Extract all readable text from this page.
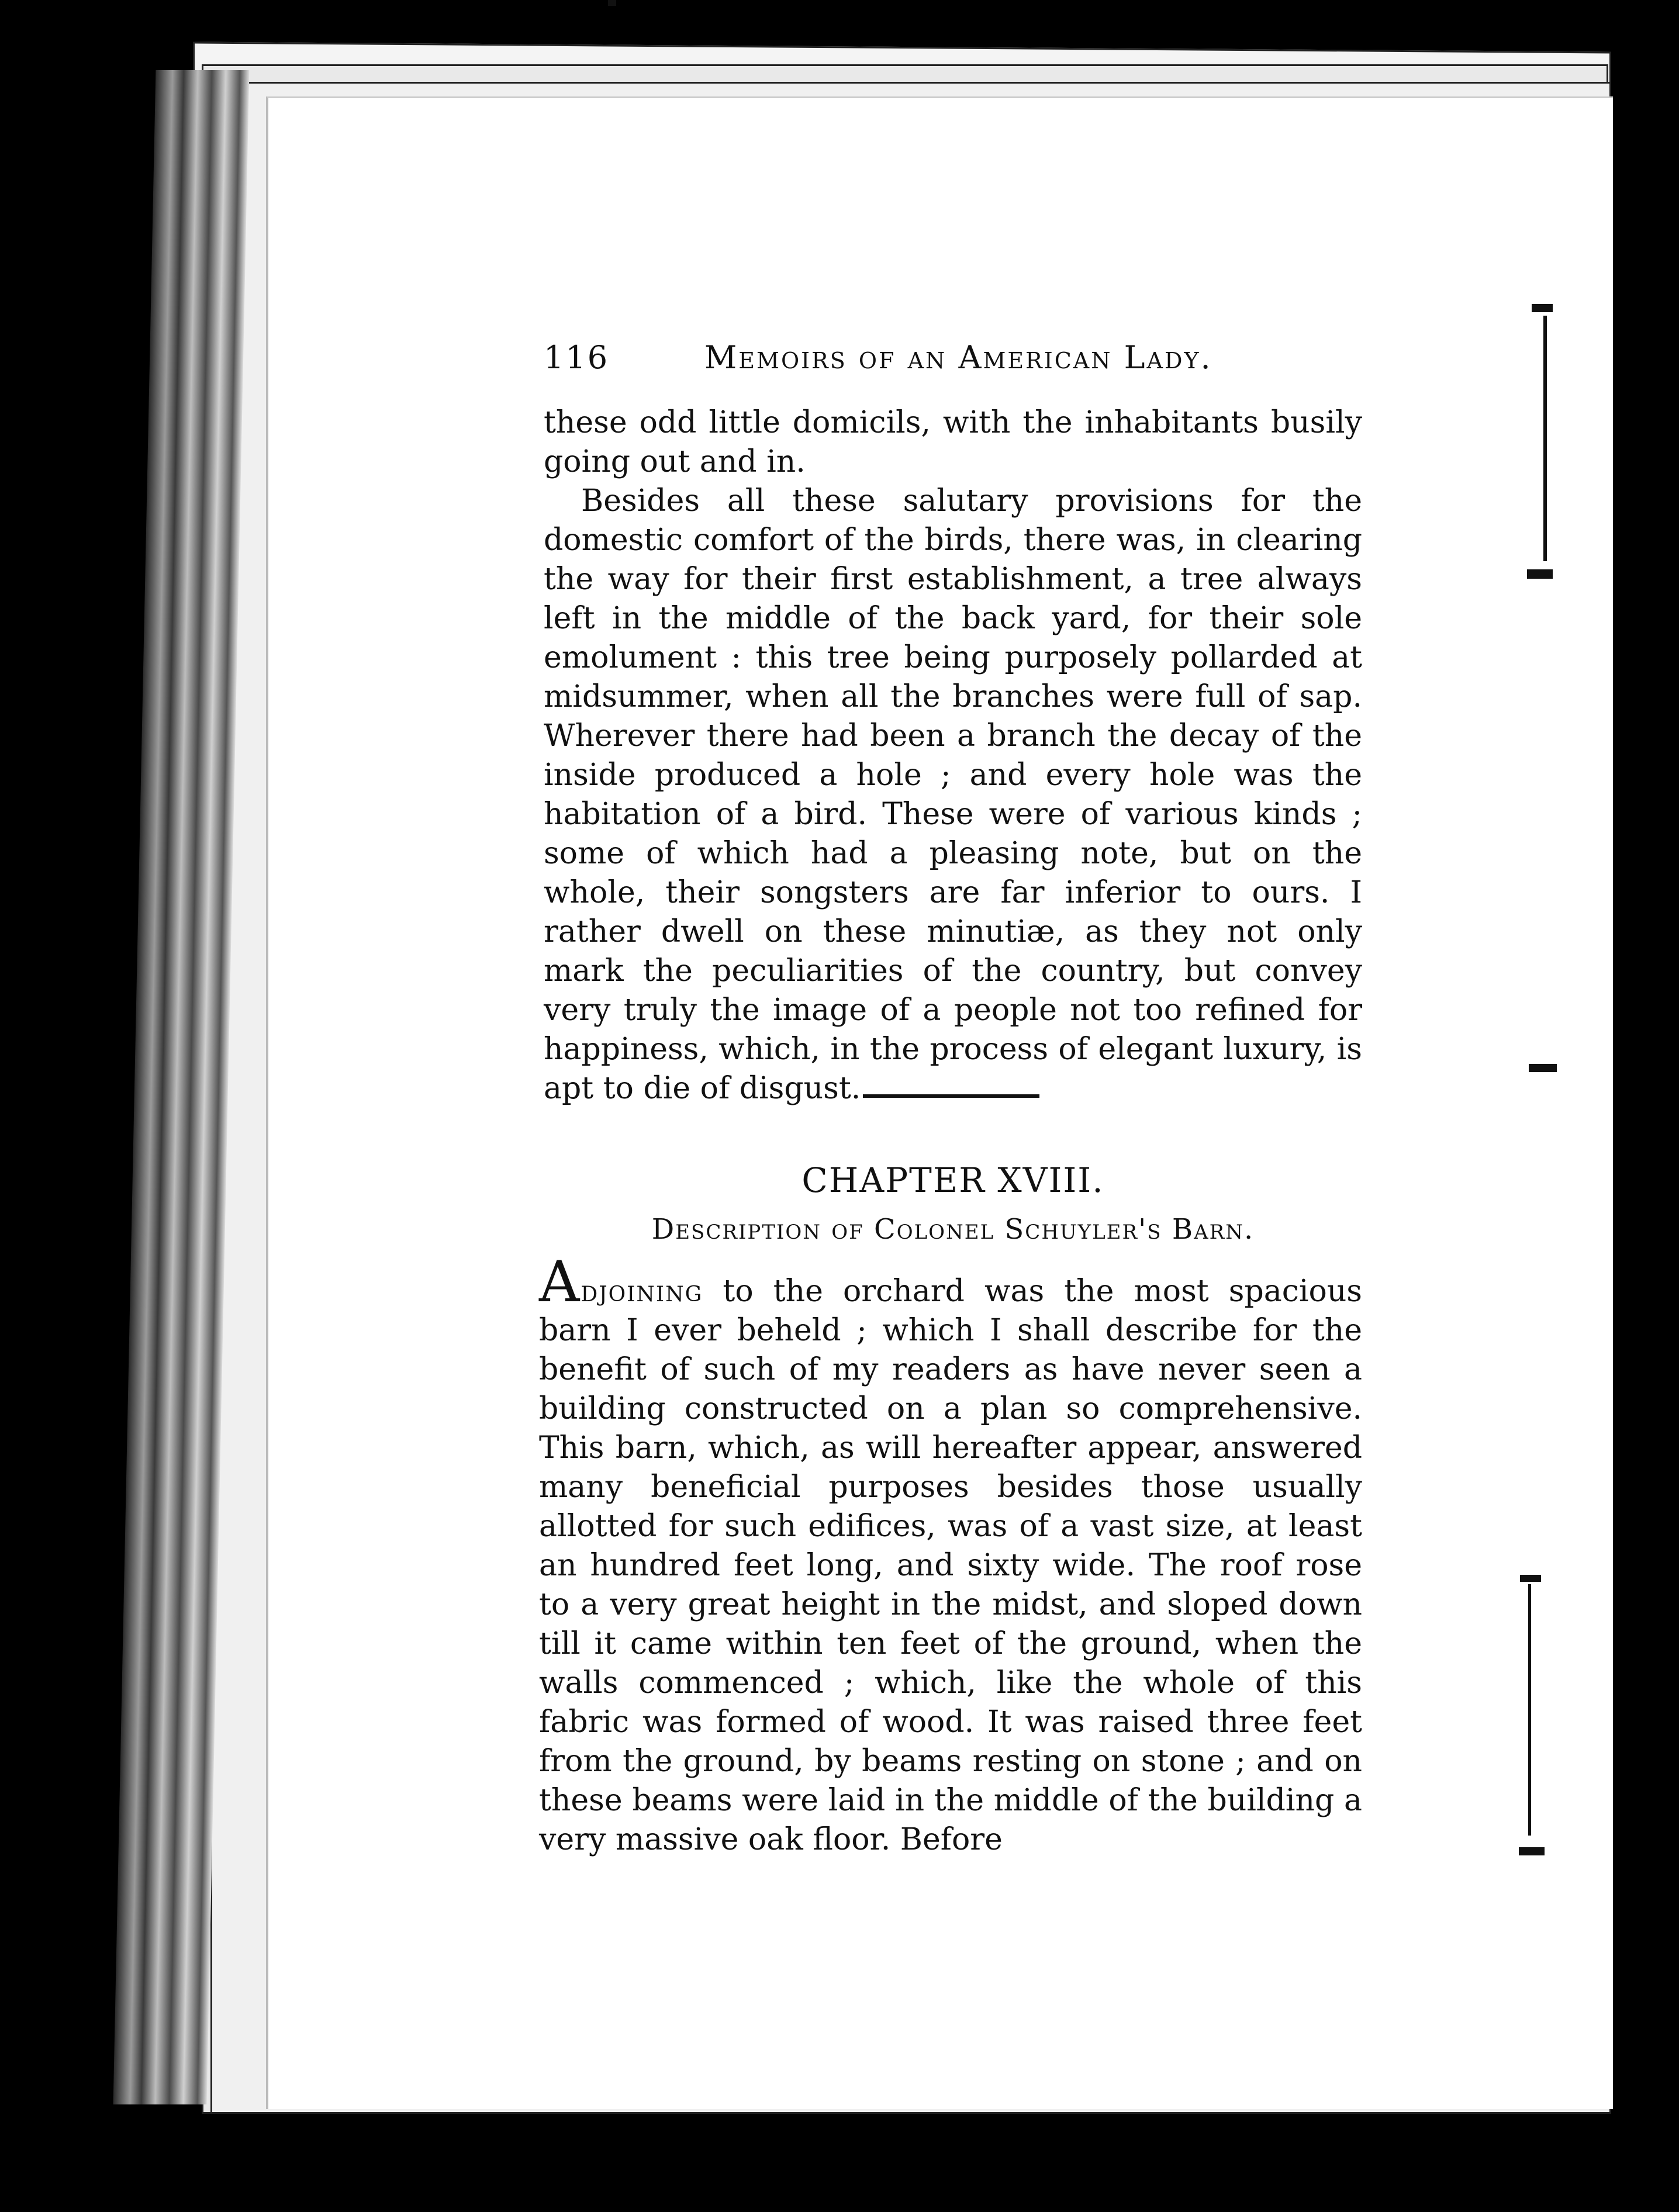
116	Memoirs of an American Lady.
these odd little domicils, with the inhabitants busily going out and in.
Besides all these salutary provisions for the domestic comfort of the birds, there was, in clearing the way for their first establishment, a tree always left in the middle of the back yard, for their sole emolument : this tree being purposely pollarded at midsummer, when all the branches were full of sap. Wherever there had been a branch the decay of the inside produced a hole ; and every hole was the habitation of a bird. These were of various kinds ; some of which had a pleasing note, but on the whole, their songsters are far inferior to ours. I rather dwell on these minutiæ, as they not only mark the peculiarities of the country, but convey very truly the image of a people not too refined for happiness, which, in the process of elegant luxury, is apt to die of disgust.
CHAPTER XVIII.
Description of Colonel Schuyler's Barn.
Adjoining to the orchard was the most spacious barn I ever beheld ; which I shall describe for the benefit of such of my readers as have never seen a building constructed on a plan so comprehensive. This barn, which, as will hereafter appear, answered many beneficial purposes besides those usually allotted for such edifices, was of a vast size, at least an hundred feet long, and sixty wide. The roof rose to a very great height in the midst, and sloped down till it came within ten feet of the ground, when the walls commenced ; which, like the whole of this fabric was formed of wood. It was raised three feet from the ground, by beams resting on stone ; and on these beams were laid in the middle of the building a very massive oak floor. Before
